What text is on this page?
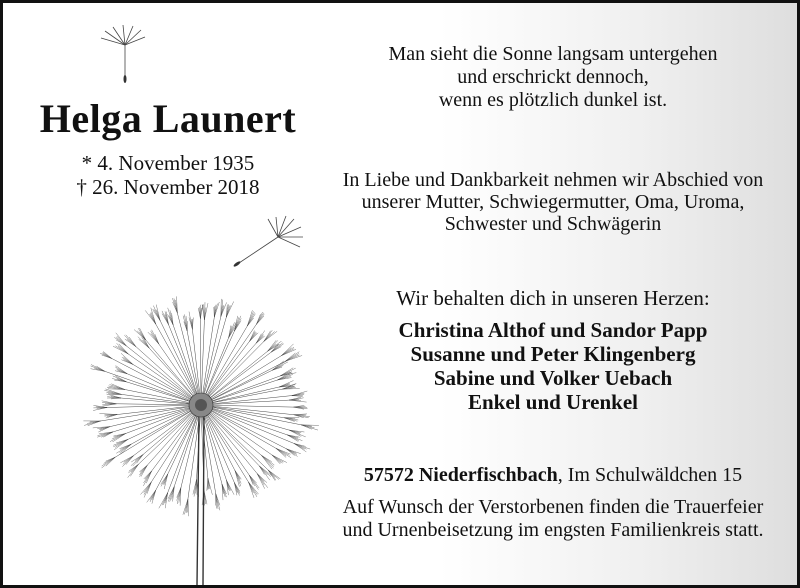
Helga Launert
* 4. November 1935
† 26. November 2018
Man sieht die Sonne langsam untergehen
und erschrickt dennoch,
wenn es plötzlich dunkel ist.
In Liebe und Dankbarkeit nehmen wir Abschied von
unserer Mutter, Schwiegermutter, Oma, Uroma,
Schwester und Schwägerin
Wir behalten dich in unseren Herzen:
Christina Althof und Sandor Papp
Susanne und Peter Klingenberg
Sabine und Volker Uebach
Enkel und Urenkel
57572 Niederfischbach, Im Schulwäldchen 15
Auf Wunsch der Verstorbenen finden die Trauerfeier
und Urnenbeisetzung im engsten Familienkreis statt.
